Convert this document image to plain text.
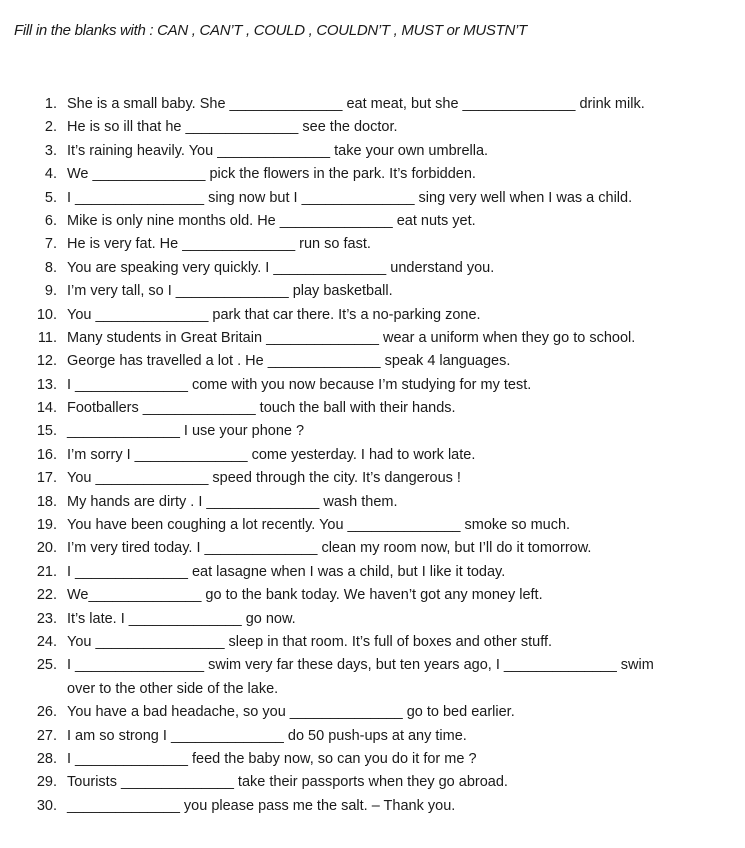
Fill in the blanks with : CAN , CAN’T , COULD , COULDN’T , MUST or MUSTN’T
1. She is a small baby. She ______________ eat meat, but she ______________ drink milk.
2. He is so ill that he ______________ see the doctor.
3. It’s raining heavily. You ______________ take your own umbrella.
4. We ______________ pick the flowers in the park. It’s forbidden.
5. I ________________ sing now but I ______________ sing very well when I was a child.
6. Mike is only nine months old. He ______________ eat nuts yet.
7. He is very fat. He ______________ run so fast.
8. You are speaking very quickly. I ______________ understand you.
9. I’m very tall, so I ______________ play basketball.
10. You ______________ park that car there. It’s a no-parking zone.
11. Many students in Great Britain ______________ wear a uniform when they go to school.
12. George has travelled a lot . He ______________ speak 4 languages.
13. I ______________ come with you now because I’m studying for my test.
14. Footballers ______________ touch the ball with their hands.
15. ______________ I use your phone ?
16. I’m sorry I ______________ come yesterday. I had to work late.
17. You ______________ speed through the city. It’s dangerous !
18. My hands are dirty . I ______________ wash them.
19. You have been coughing a lot recently. You ______________ smoke so much.
20. I’m very tired today. I ______________ clean my room now, but I’ll do it tomorrow.
21. I ______________ eat lasagne when I was a child, but I like it today.
22. We______________ go to the bank today. We haven’t got any money left.
23. It’s late. I ______________ go now.
24. You ________________ sleep in that room. It’s full of boxes and other stuff.
25. I ________________ swim very far these days, but ten years ago, I ______________ swim
over to the other side of the lake.
26. You have a bad headache, so you ______________ go to bed earlier.
27. I am so strong I ______________ do 50 push-ups at any time.
28. I ______________ feed the baby now, so can you do it for me ?
29. Tourists ______________ take their passports when they go abroad.
30. ______________ you please pass me the salt. – Thank you.
